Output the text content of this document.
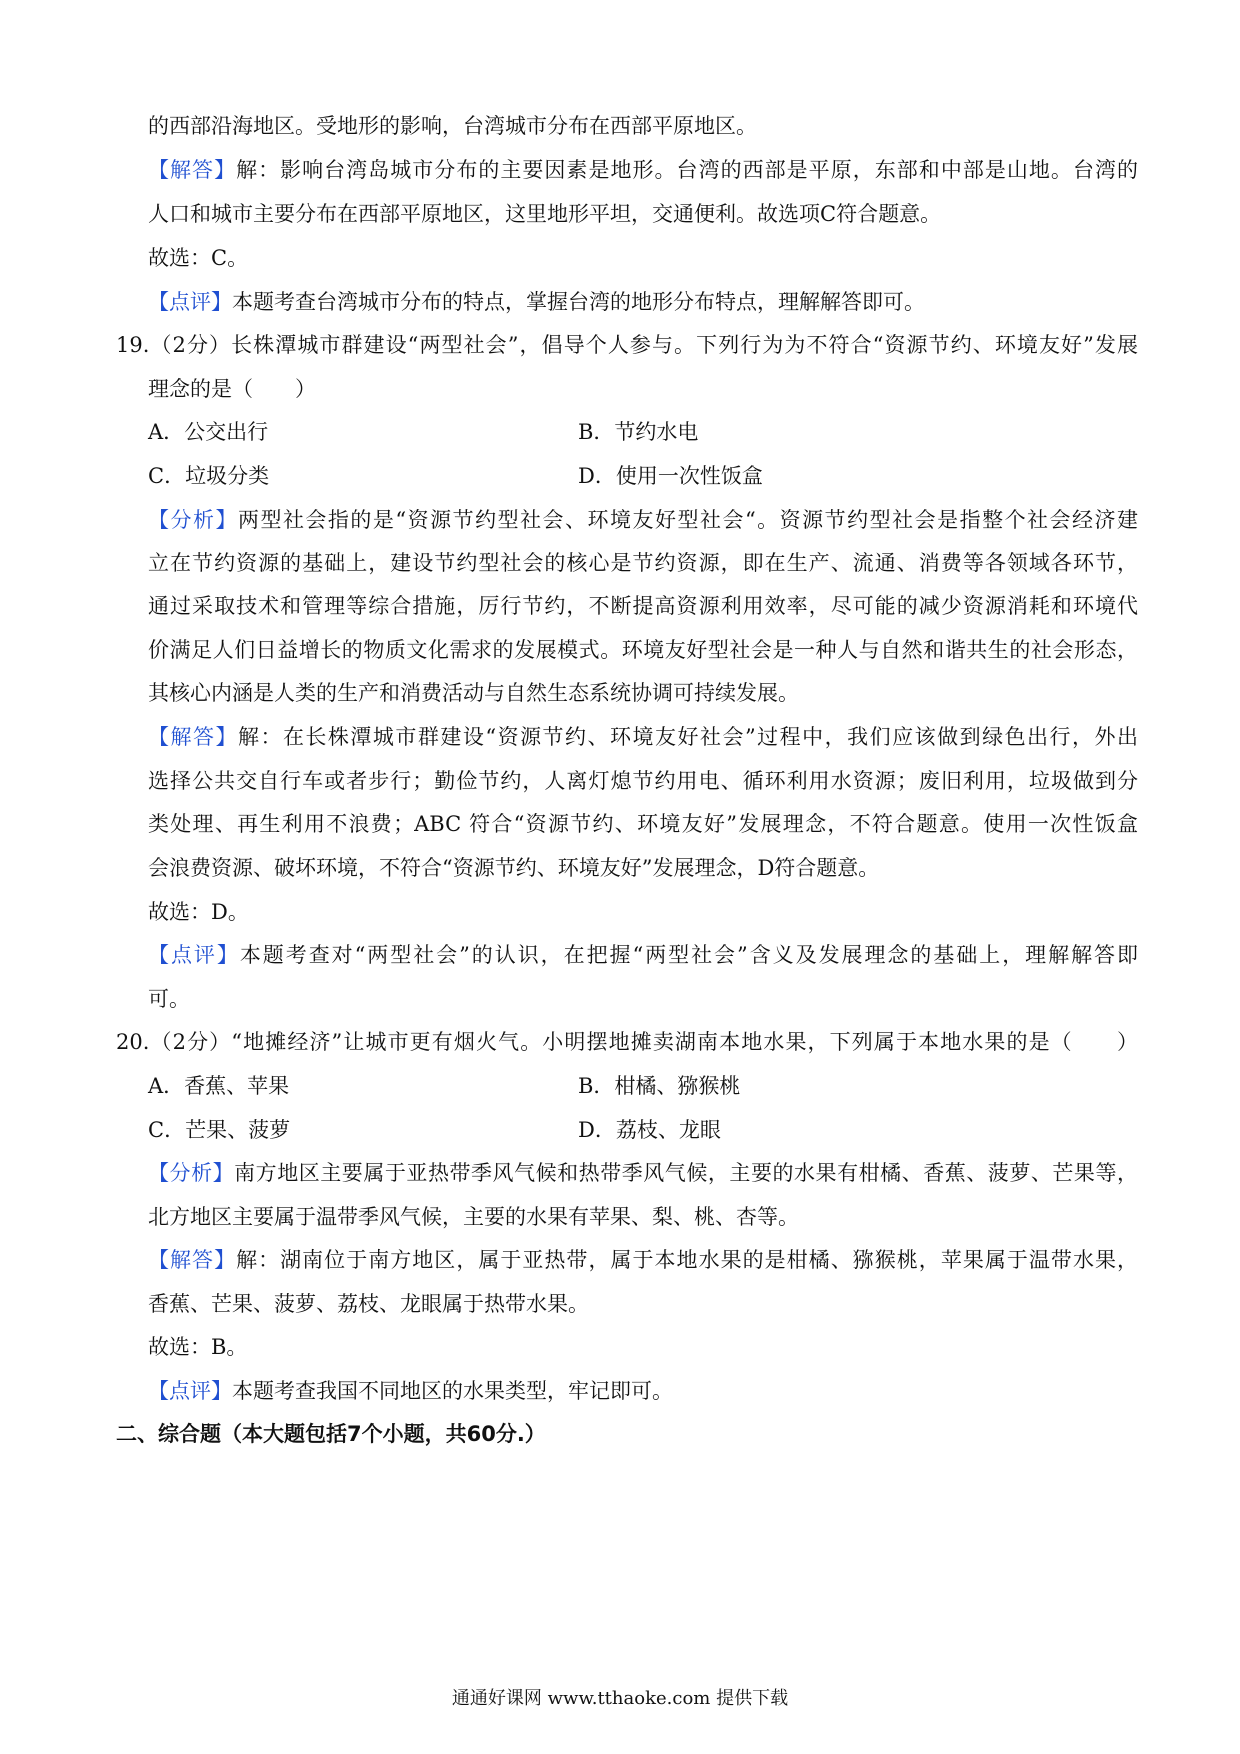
的西部沿海地区。受地形的影响，台湾城市分布在西部平原地区。
【解答】解：影响台湾岛城市分布的主要因素是地形。台湾的西部是平原，东部和中部是山地。台湾的
人口和城市主要分布在西部平原地区，这里地形平坦，交通便利。故选项C符合题意。
故选：C。
【点评】本题考查台湾城市分布的特点，掌握台湾的地形分布特点，理解解答即可。
19.（2分）长株潭城市群建设“两型社会”，倡导个人参与。下列行为为不符合“资源节约、环境友好”发展
理念的是（　　）
A．公交出行	B．节约水电
C．垃圾分类	D．使用一次性饭盒
【分析】两型社会指的是“资源节约型社会、环境友好型社会“。资源节约型社会是指整个社会经济建
立在节约资源的基础上，建设节约型社会的核心是节约资源，即在生产、流通、消费等各领域各环节，
通过采取技术和管理等综合措施，厉行节约，不断提高资源利用效率，尽可能的减少资源消耗和环境代
价满足人们日益增长的物质文化需求的发展模式。环境友好型社会是一种人与自然和谐共生的社会形态，
其核心内涵是人类的生产和消费活动与自然生态系统协调可持续发展。
【解答】解：在长株潭城市群建设“资源节约、环境友好社会”过程中，我们应该做到绿色出行，外出
选择公共交自行车或者步行；勤俭节约，人离灯熄节约用电、循环利用水资源；废旧利用，垃圾做到分
类处理、再生利用不浪费；ABC 符合“资源节约、环境友好”发展理念，不符合题意。使用一次性饭盒
会浪费资源、破坏环境，不符合“资源节约、环境友好”发展理念，D符合题意。
故选：D。
【点评】本题考查对“两型社会”的认识，在把握“两型社会”含义及发展理念的基础上，理解解答即
可。
20.（2分）“地摊经济”让城市更有烟火气。小明摆地摊卖湖南本地水果，下列属于本地水果的是（　　）
A．香蕉、苹果	B．柑橘、猕猴桃
C．芒果、菠萝	D．荔枝、龙眼
【分析】南方地区主要属于亚热带季风气候和热带季风气候，主要的水果有柑橘、香蕉、菠萝、芒果等，
北方地区主要属于温带季风气候，主要的水果有苹果、梨、桃、杏等。
【解答】解：湖南位于南方地区，属于亚热带，属于本地水果的是柑橘、猕猴桃，苹果属于温带水果，
香蕉、芒果、菠萝、荔枝、龙眼属于热带水果。
故选：B。
【点评】本题考查我国不同地区的水果类型，牢记即可。
二、综合题（本大题包括7个小题，共60分.）
通通好课网 www.tthaoke.com 提供下载
